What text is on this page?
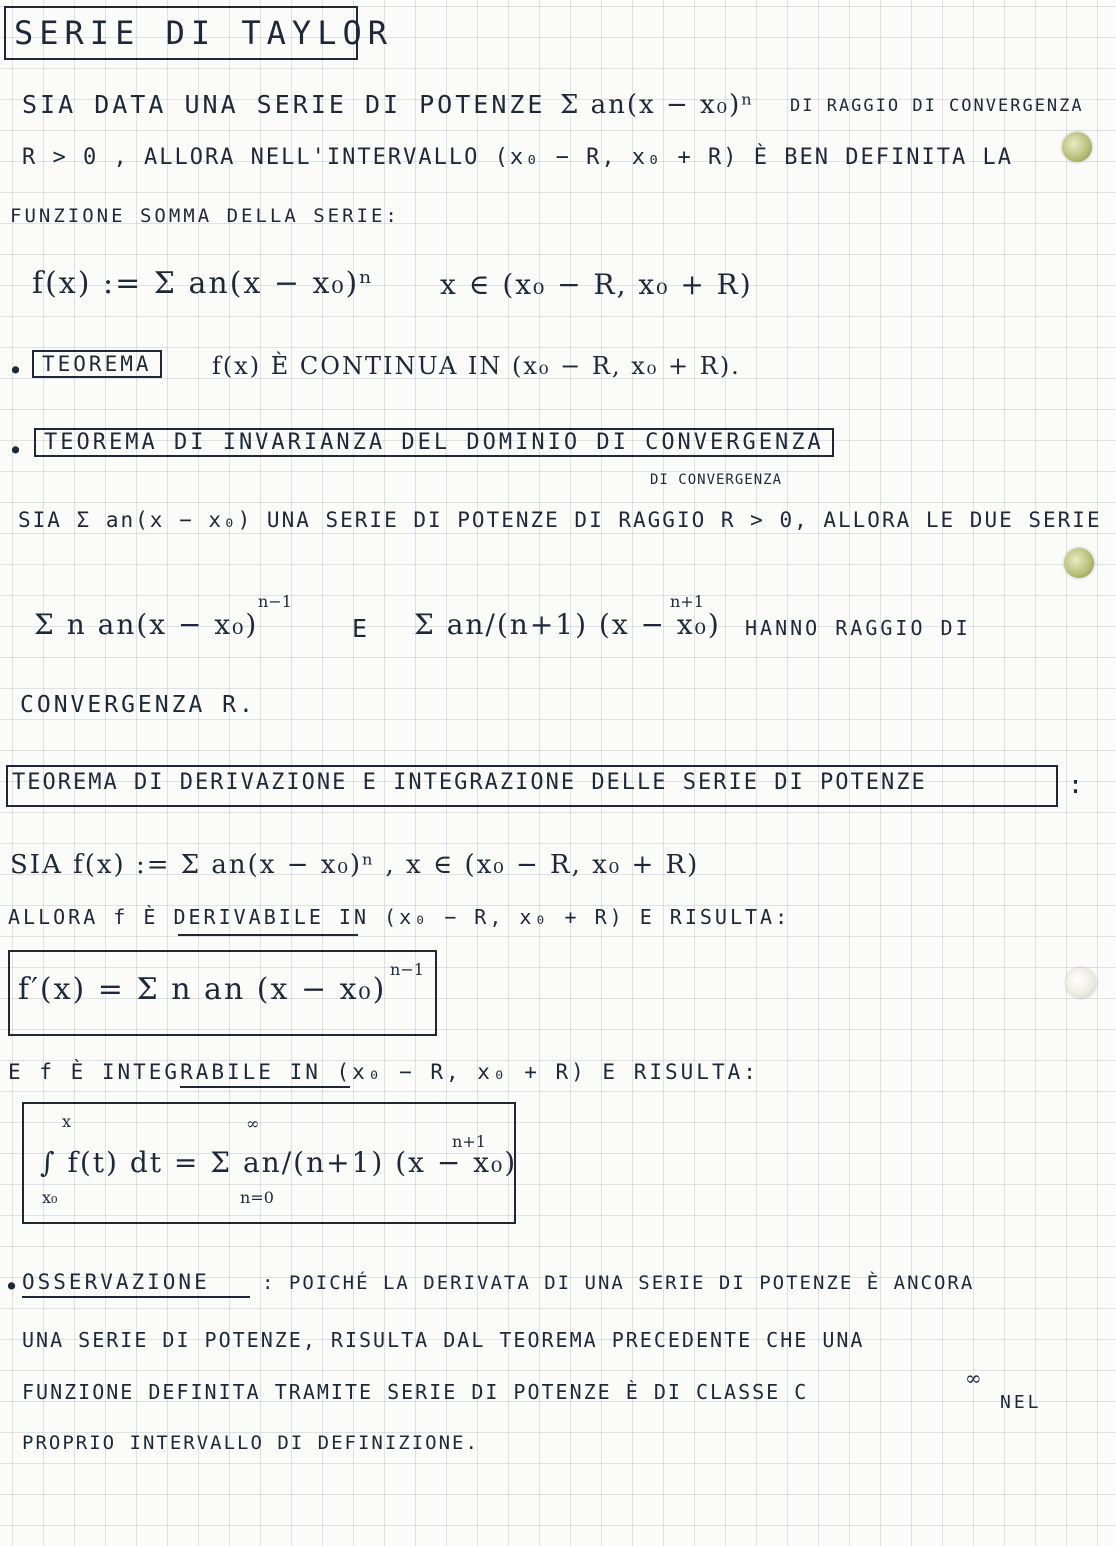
SERIE DI TAYLOR
SIA DATA UNA SERIE DI POTENZE Σ an(x − x₀)ⁿ DI RAGGIO DI CONVERGENZA
R > 0 , ALLORA NELL'INTERVALLO (x₀ − R, x₀ + R) È BEN DEFINITA LA
FUNZIONE SOMMA DELLA SERIE:
f(x) := Σ an(x − x₀)ⁿ x ∈ (x₀ − R, x₀ + R)
• TEOREMA	f(x) È CONTINUA IN (x₀ − R, x₀ + R).
• TEOREMA DI INVARIANZA DEL DOMINIO DI CONVERGENZA
DI CONVERGENZA
SIA Σ an(x − x₀) UNA SERIE DI POTENZE DI RAGGIO R > 0, ALLORA LE DUE SERIE
Σ n an(x − x₀)
n−1
E Σ an/(n+1) (x − x₀)
n+1
HANNO RAGGIO DI
CONVERGENZA R.
TEOREMA DI DERIVAZIONE E INTEGRAZIONE DELLE SERIE DI POTENZE	:
SIA f(x) := Σ an(x − x₀)ⁿ , x ∈ (x₀ − R, x₀ + R)
ALLORA f È DERIVABILE IN (x₀ − R, x₀ + R) E RISULTA:
f′(x) = Σ n an (x − x₀)
n−1
E f È INTEGRABILE IN (x₀ − R, x₀ + R) E RISULTA:
x
∫ f(t) dt = Σ an/(n+1) (x − x₀)
x₀
n+1
∞
n=0
• OSSERVAZIONE	: POICHÉ LA DERIVATA DI UNA SERIE DI POTENZE È ANCORA
UNA SERIE DI POTENZE, RISULTA DAL TEOREMA PRECEDENTE CHE UNA
FUNZIONE DEFINITA TRAMITE SERIE DI POTENZE È DI CLASSE C
∞
NEL
PROPRIO INTERVALLO DI DEFINIZIONE.
